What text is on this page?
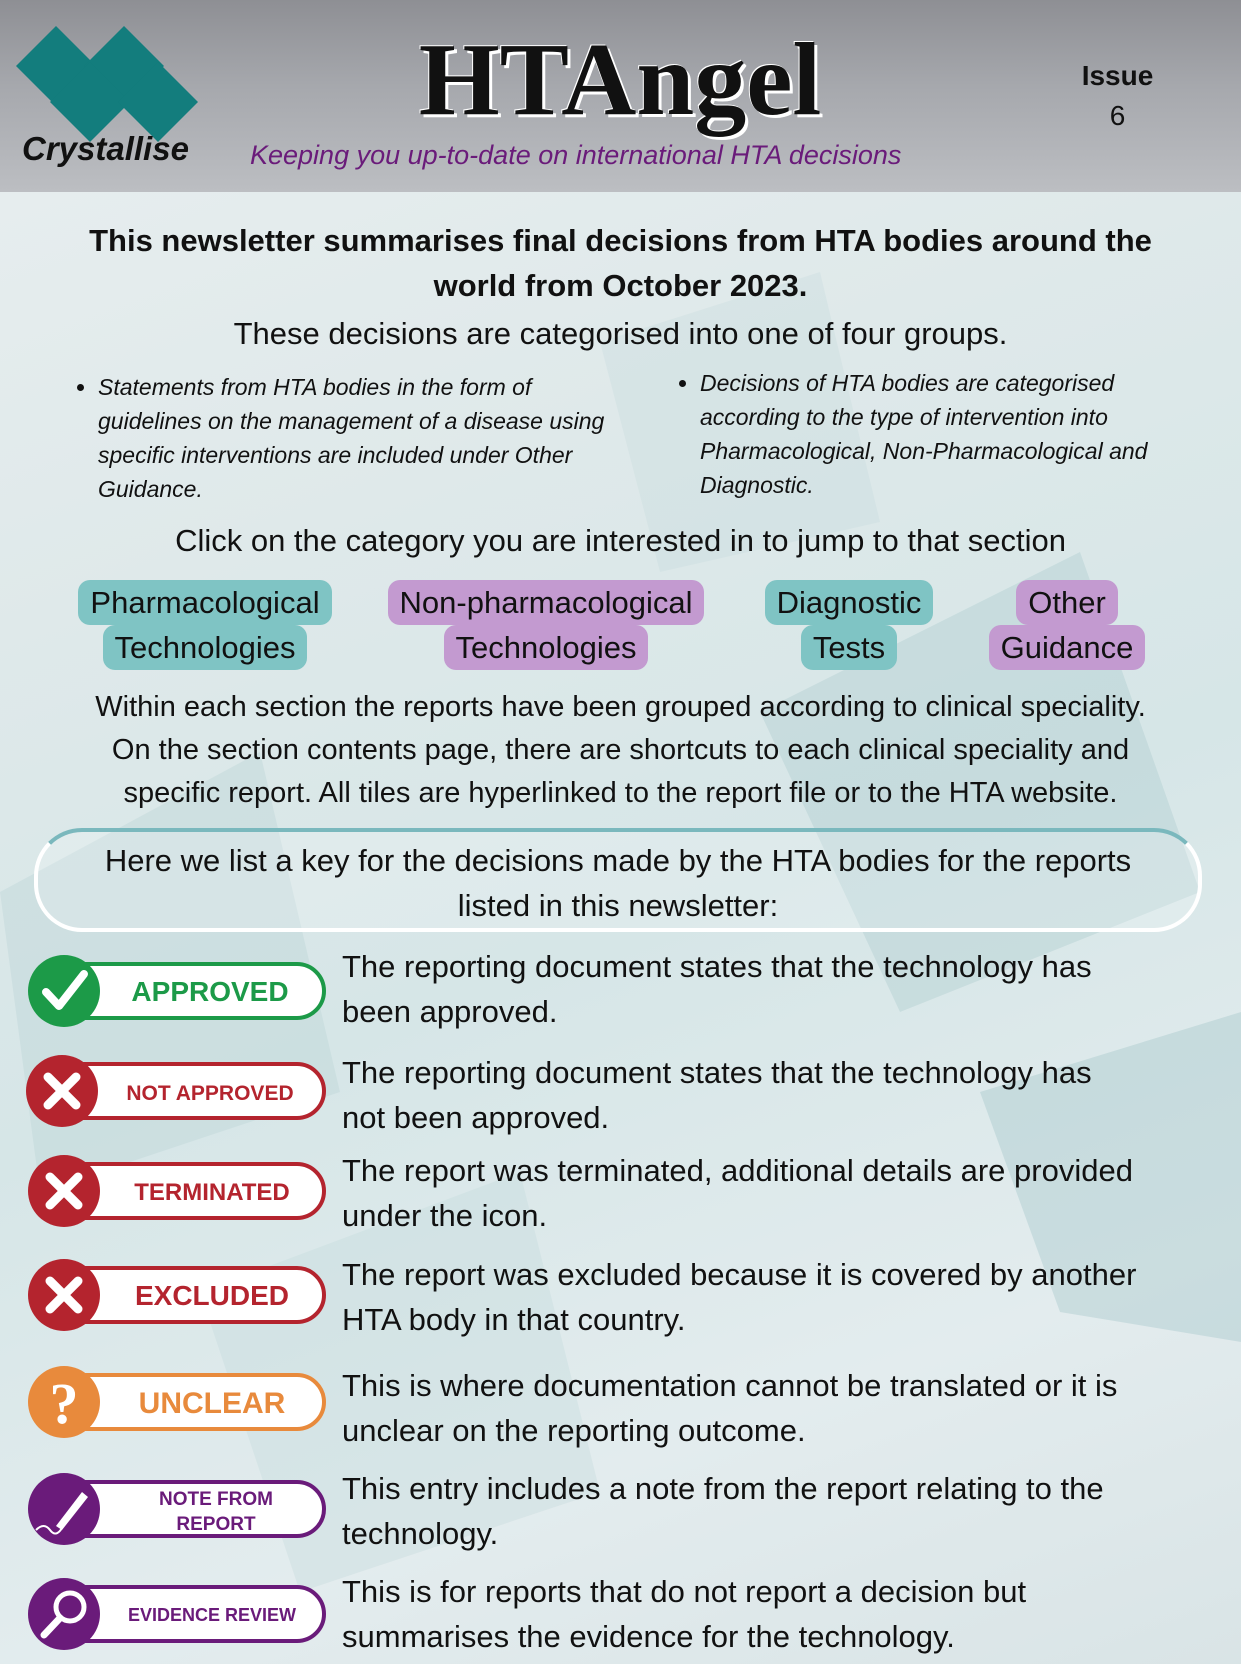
Crystallise
HTAngel
Keeping you up-to-date on international HTA decisions
Issue
6
This newsletter summarises final decisions from HTA bodies around the
world from October 2023.
These decisions are categorised into one of four groups.
• Statements from HTA bodies in the form of guidelines on the management of a disease using specific interventions are included under Other Guidance.
• Decisions of HTA bodies are categorised according to the type of intervention into Pharmacological, Non-Pharmacological and Diagnostic.
Click on the category you are interested in to jump to that section
Pharmacological
Technologies
Non-pharmacological
Technologies
Diagnostic
Tests
Other
Guidance
Within each section the reports have been grouped according to clinical speciality.
On the section contents page, there are shortcuts to each clinical speciality and
specific report. All tiles are hyperlinked to the report file or to the HTA website.
Here we list a key for the decisions made by the HTA bodies for the reports
listed in this newsletter:
APPROVED
The reporting document states that the technology has
been approved.
NOT APPROVED
The reporting document states that the technology has
not been approved.
TERMINATED
The report was terminated, additional details are provided
under the icon.
EXCLUDED
The report was excluded because it is covered by another
HTA body in that country.
? UNCLEAR
This is where documentation cannot be translated or it is
unclear on the reporting outcome.
NOTE FROM
REPORT
This entry includes a note from the report relating to the
technology.
EVIDENCE REVIEW
This is for reports that do not report a decision but
summarises the evidence for the technology.
